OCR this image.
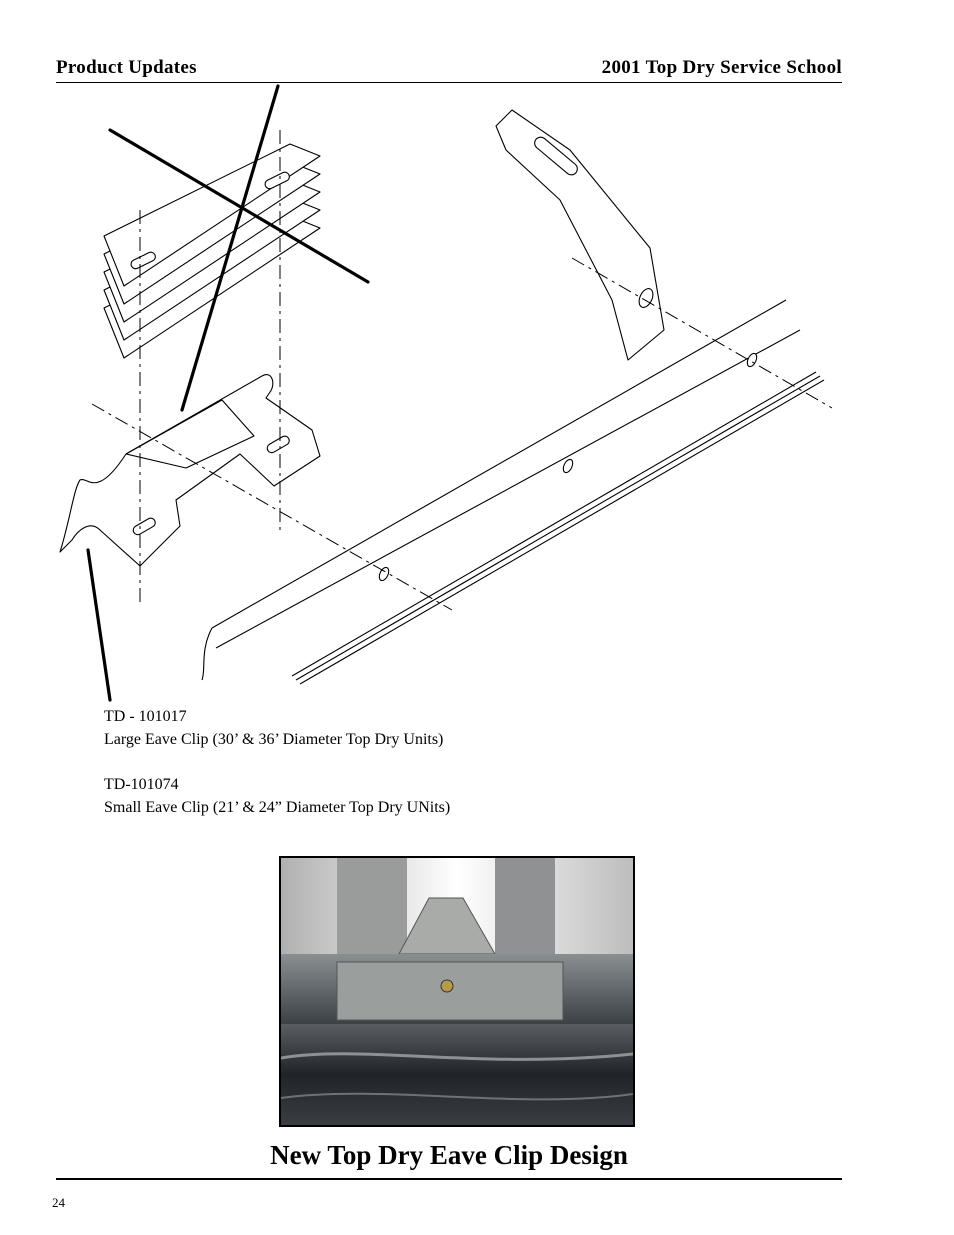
Product Updates	2001 Top Dry Service School
TD - 101017
Large Eave Clip (30’ & 36’ Diameter Top Dry Units)
TD-101074
Small Eave Clip (21’ & 24” Diameter Top Dry UNits)
New Top Dry Eave Clip Design
24
